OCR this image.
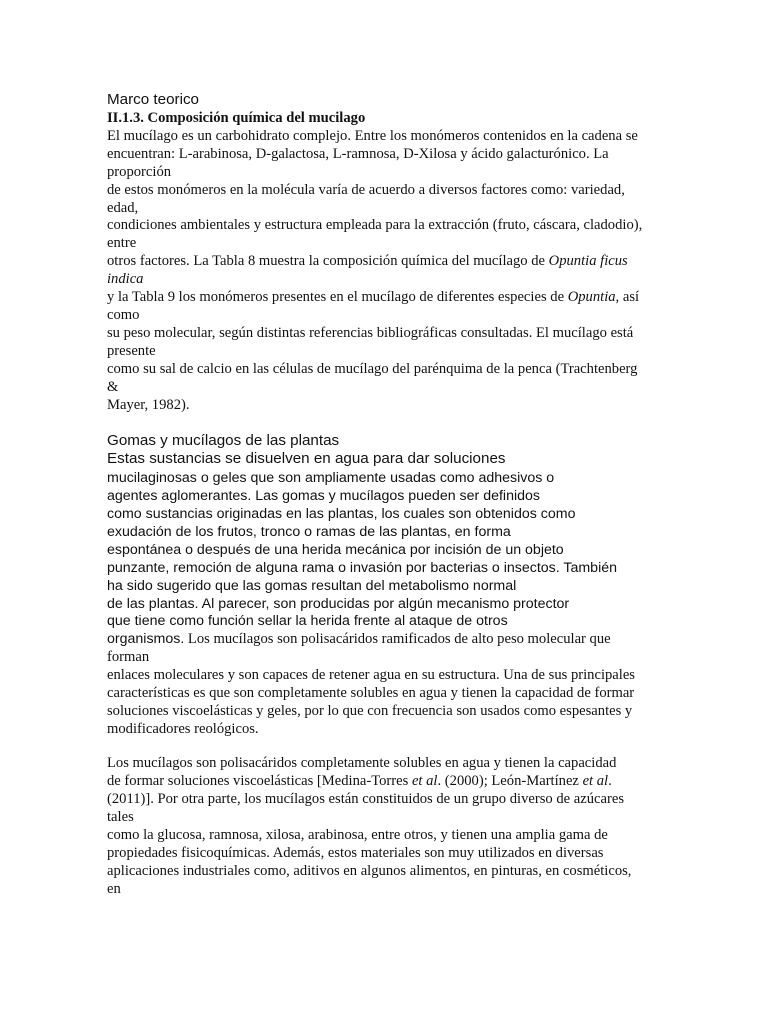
Marco teorico
II.1.3. Composición química del mucilago
El mucílago es un carbohidrato complejo. Entre los monómeros contenidos en la cadena se
encuentran: L-arabinosa, D-galactosa, L-ramnosa, D-Xilosa y ácido galacturónico. La
proporción
de estos monómeros en la molécula varía de acuerdo a diversos factores como: variedad,
edad,
condiciones ambientales y estructura empleada para la extracción (fruto, cáscara, cladodio),
entre
otros factores. La Tabla 8 muestra la composición química del mucílago de Opuntia ficus
indica
y la Tabla 9 los monómeros presentes en el mucílago de diferentes especies de Opuntia, así
como
su peso molecular, según distintas referencias bibliográficas consultadas. El mucílago está
presente
como su sal de calcio en las células de mucílago del parénquima de la penca (Trachtenberg
&
Mayer, 1982).
Gomas y mucílagos de las plantas
Estas sustancias se disuelven en agua para dar soluciones
mucilaginosas o geles que son ampliamente usadas como adhesivos o
agentes aglomerantes. Las gomas y mucílagos pueden ser definidos
como sustancias originadas en las plantas, los cuales son obtenidos como
exudación de los frutos, tronco o ramas de las plantas, en forma
espontánea o después de una herida mecánica por incisión de un objeto
punzante, remoción de alguna rama o invasión por bacterias o insectos. También
ha sido sugerido que las gomas resultan del metabolismo normal
de las plantas. Al parecer, son producidas por algún mecanismo protector
que tiene como función sellar la herida frente al ataque de otros
organismos. Los mucílagos son polisacáridos ramificados de alto peso molecular que
forman
enlaces moleculares y son capaces de retener agua en su estructura. Una de sus principales
características es que son completamente solubles en agua y tienen la capacidad de formar
soluciones viscoelásticas y geles, por lo que con frecuencia son usados como espesantes y
modificadores reológicos.
Los mucílagos son polisacáridos completamente solubles en agua y tienen la capacidad
de formar soluciones viscoelásticas [Medina-Torres et al. (2000); León-Martínez et al.
(2011)]. Por otra parte, los mucílagos están constituidos de un grupo diverso de azúcares
tales
como la glucosa, ramnosa, xilosa, arabinosa, entre otros, y tienen una amplia gama de
propiedades fisicoquímicas. Además, estos materiales son muy utilizados en diversas
aplicaciones industriales como, aditivos en algunos alimentos, en pinturas, en cosméticos,
en
